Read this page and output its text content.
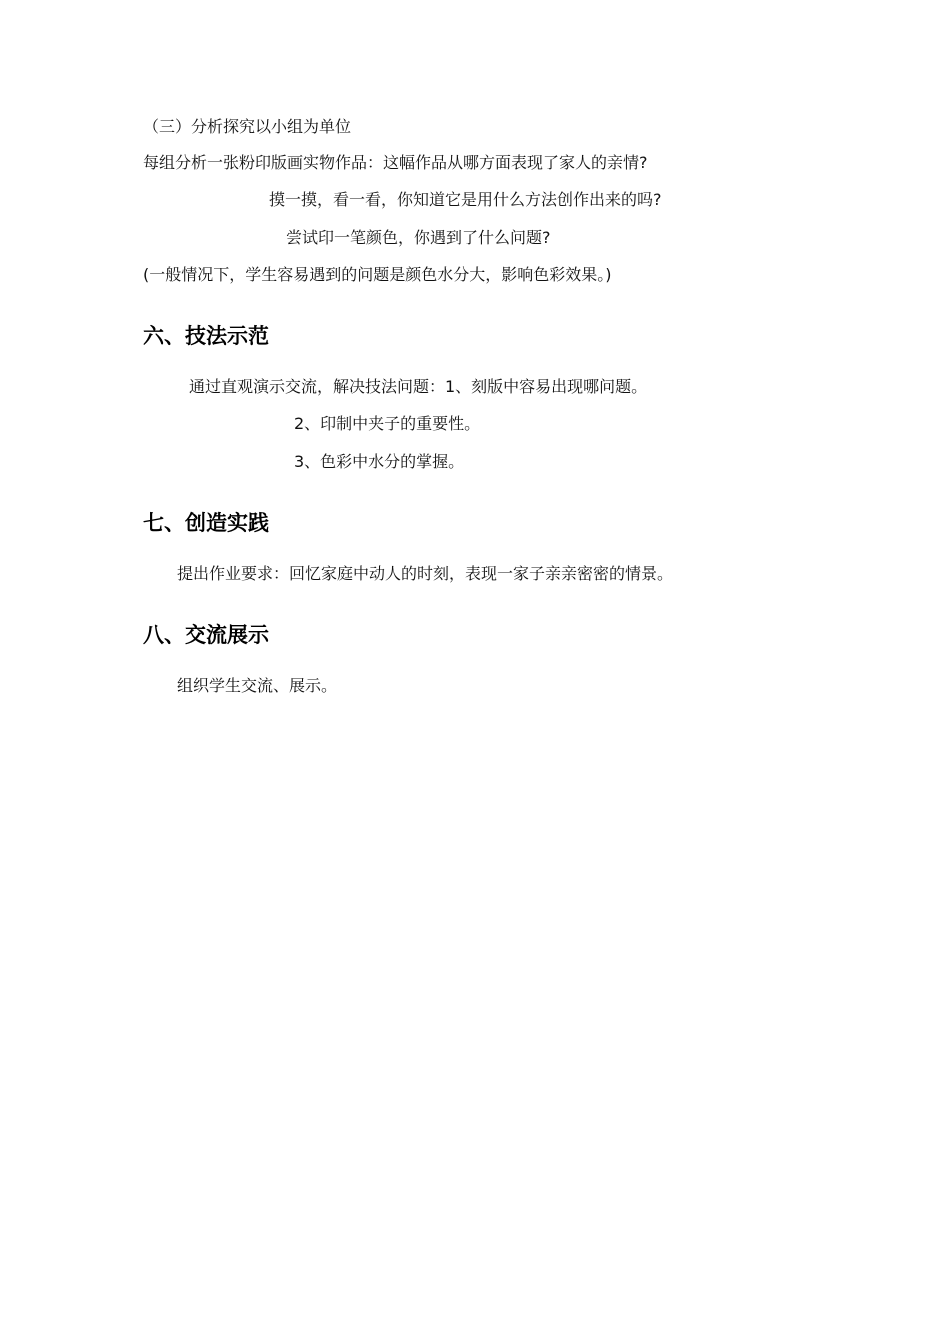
（三）分析探究以小组为单位
每组分析一张粉印版画实物作品：这幅作品从哪方面表现了家人的亲情?
摸一摸，看一看，你知道它是用什么方法创作出来的吗?
尝试印一笔颜色，你遇到了什么问题?
(一般情况下，学生容易遇到的问题是颜色水分大，影响色彩效果。)
六、技法示范
通过直观演示交流，解决技法问题：1、刻版中容易出现哪问题。
2、印制中夹子的重要性。
3、色彩中水分的掌握。
七、创造实践
提出作业要求：回忆家庭中动人的时刻，表现一家子亲亲密密的情景。
八、交流展示
组织学生交流、展示。
